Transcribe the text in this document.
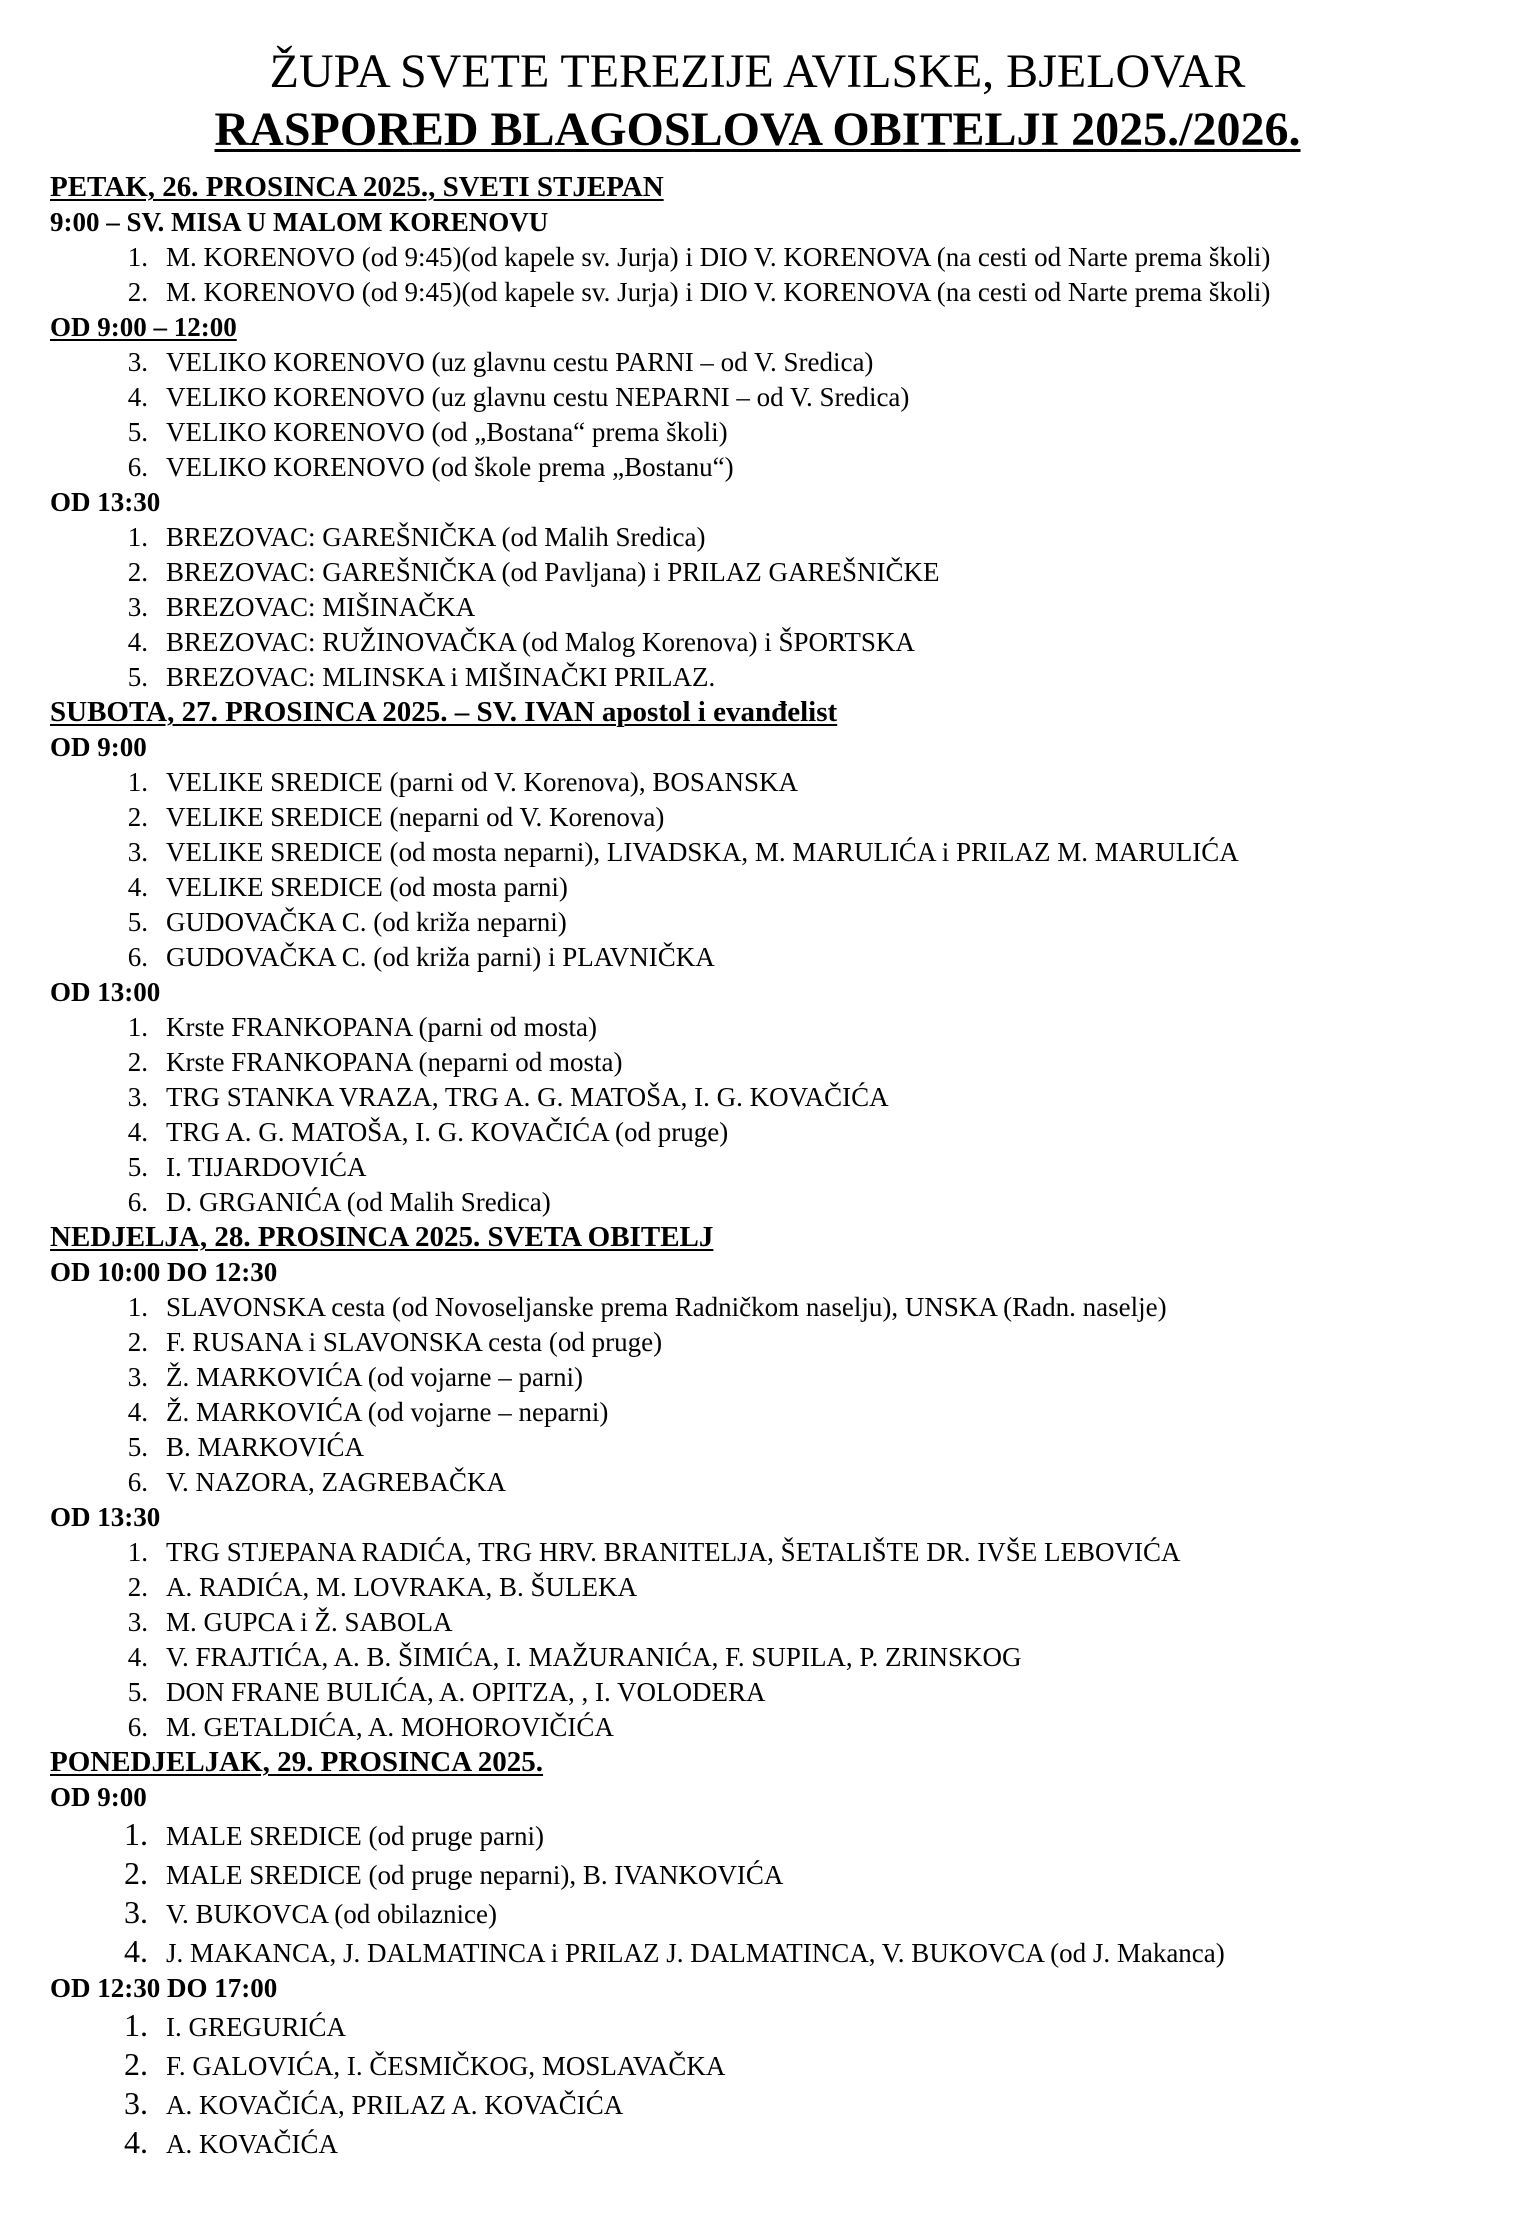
ŽUPA SVETE TEREZIJE AVILSKE, BJELOVAR
RASPORED BLAGOSLOVA OBITELJI 2025./2026.
PETAK, 26. PROSINCA 2025., SVETI STJEPAN
9:00 – SV. MISA U MALOM KORENOVU
1. M. KORENOVO (od 9:45)(od kapele sv. Jurja) i DIO V. KORENOVA (na cesti od Narte prema školi)
2. M. KORENOVO (od 9:45)(od kapele sv. Jurja) i DIO V. KORENOVA (na cesti od Narte prema školi)
OD 9:00 – 12:00
3. VELIKO KORENOVO (uz glavnu cestu PARNI – od V. Sredica)
4. VELIKO KORENOVO (uz glavnu cestu NEPARNI – od V. Sredica)
5. VELIKO KORENOVO (od „Bostana“ prema školi)
6. VELIKO KORENOVO (od škole prema „Bostanu“)
OD 13:30
1. BREZOVAC: GAREŠNIČKA (od Malih Sredica)
2. BREZOVAC: GAREŠNIČKA (od Pavljana) i PRILAZ GAREŠNIČKE
3. BREZOVAC: MIŠINAČKA
4. BREZOVAC: RUŽINOVAČKA (od Malog Korenova) i ŠPORTSKA
5. BREZOVAC: MLINSKA i MIŠINAČKI PRILAZ.
SUBOTA, 27. PROSINCA 2025. – SV. IVAN apostol i evanđelist
OD 9:00
1. VELIKE SREDICE (parni od V. Korenova), BOSANSKA
2. VELIKE SREDICE (neparni od V. Korenova)
3. VELIKE SREDICE (od mosta neparni), LIVADSKA, M. MARULIĆA i PRILAZ M. MARULIĆA
4. VELIKE SREDICE (od mosta parni)
5. GUDOVAČKA C. (od križa neparni)
6. GUDOVAČKA C. (od križa parni) i PLAVNIČKA
OD 13:00
1. Krste FRANKOPANA (parni od mosta)
2. Krste FRANKOPANA (neparni od mosta)
3. TRG STANKA VRAZA, TRG A. G. MATOŠA, I. G. KOVAČIĆA
4. TRG A. G. MATOŠA, I. G. KOVAČIĆA (od pruge)
5. I. TIJARDOVIĆA
6. D. GRGANIĆA (od Malih Sredica)
NEDJELJA, 28. PROSINCA 2025. SVETA OBITELJ
OD 10:00 DO 12:30
1. SLAVONSKA cesta (od Novoseljanske prema Radničkom naselju), UNSKA (Radn. naselje)
2. F. RUSANA i SLAVONSKA cesta (od pruge)
3. Ž. MARKOVIĆA (od vojarne – parni)
4. Ž. MARKOVIĆA (od vojarne – neparni)
5. B. MARKOVIĆA
6. V. NAZORA, ZAGREBAČKA
OD 13:30
1. TRG STJEPANA RADIĆA, TRG HRV. BRANITELJA, ŠETALIŠTE DR. IVŠE LEBOVIĆA
2. A. RADIĆA, M. LOVRAKA, B. ŠULEKA
3. M. GUPCA i Ž. SABOLA
4. V. FRAJTIĆA, A. B. ŠIMIĆA, I. MAŽURANIĆA, F. SUPILA, P. ZRINSKOG
5. DON FRANE BULIĆA, A. OPITZA, , I. VOLODERA
6. M. GETALDIĆA, A. MOHOROVIČIĆA
PONEDJELJAK, 29. PROSINCA 2025.
OD 9:00
1. MALE SREDICE (od pruge parni)
2. MALE SREDICE (od pruge neparni), B. IVANKOVIĆA
3. V. BUKOVCA (od obilaznice)
4. J. MAKANCA, J. DALMATINCA i PRILAZ J. DALMATINCA, V. BUKOVCA (od J. Makanca)
OD 12:30 DO 17:00
1. I. GREGURIĆA
2. F. GALOVIĆA, I. ČESMIČKOG, MOSLAVAČKA
3. A. KOVAČIĆA, PRILAZ A. KOVAČIĆA
4. A. KOVAČIĆA
